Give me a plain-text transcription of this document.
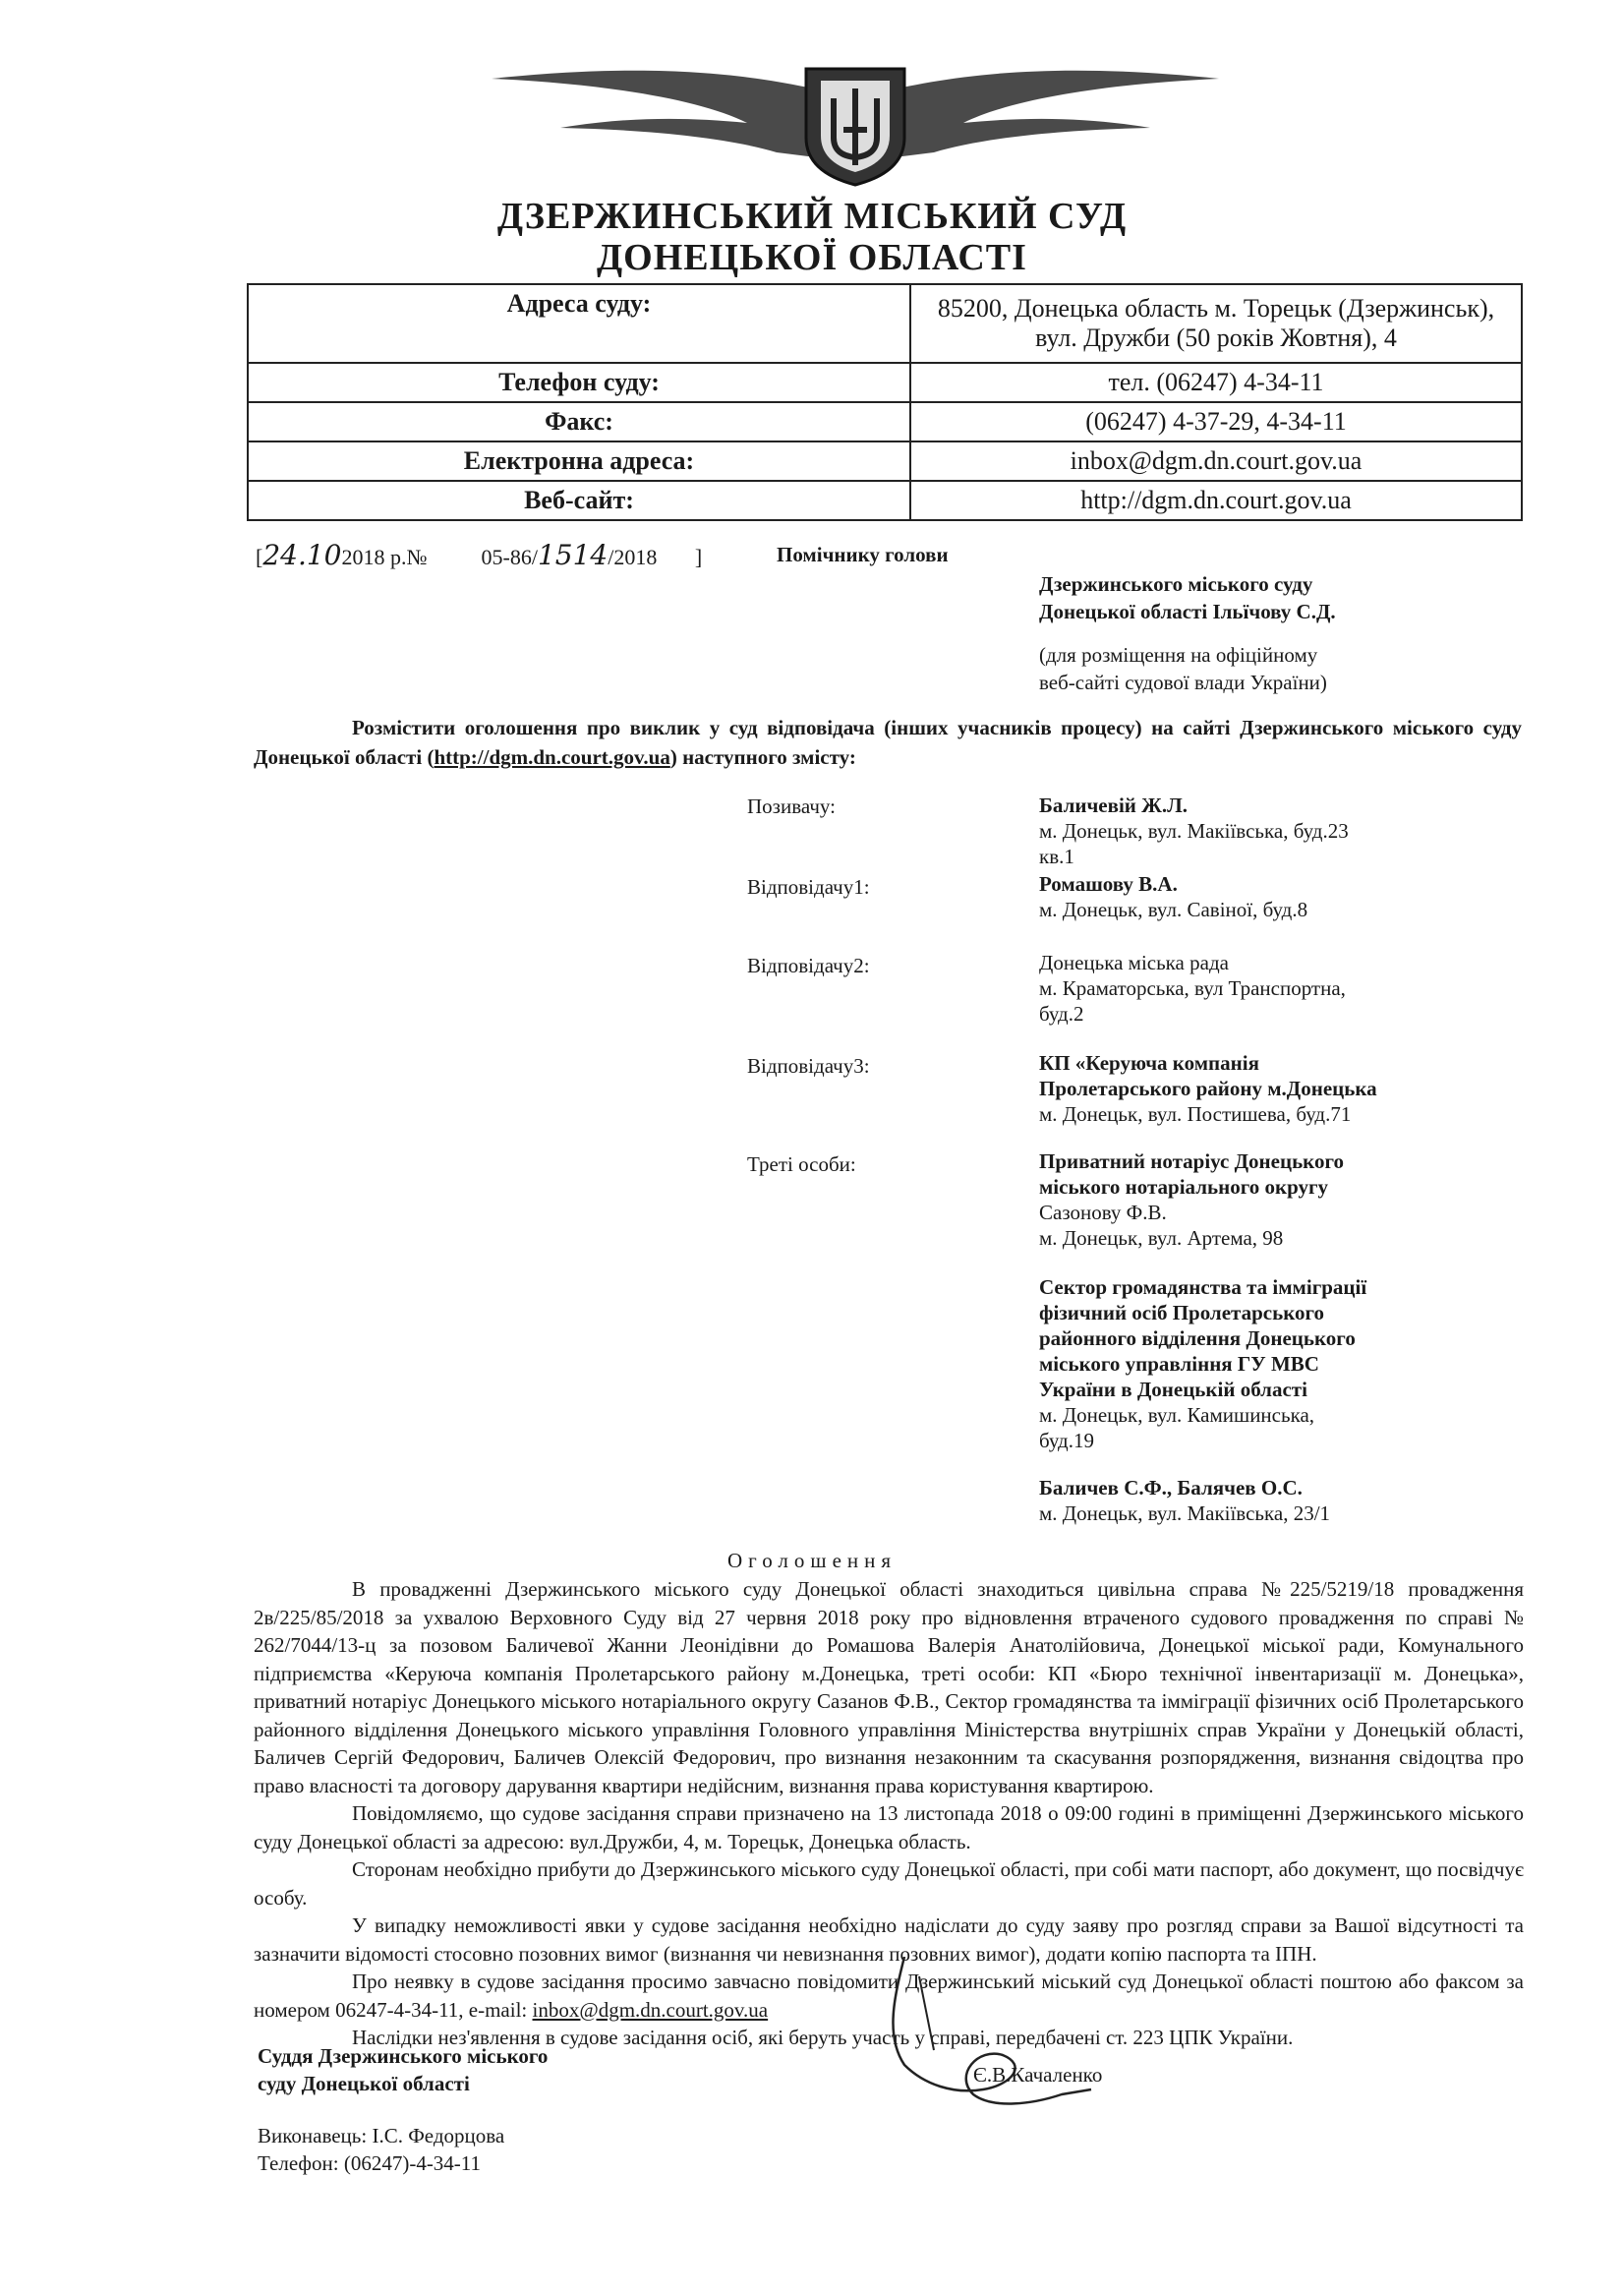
ДЗЕРЖИНСЬКИЙ МІСЬКИЙ СУД
ДОНЕЦЬКОЇ ОБЛАСТІ
Адреса суду:	85200, Донецька область м. Торецьк (Дзержинськ),
вул. Дружби (50 років Жовтня), 4

Телефон суду:	тел. (06247) 4-34-11
Факс:	(06247) 4-37-29, 4-34-11
Електронна адреса:	inbox@dgm.dn.court.gov.ua
Веб-сайт:	http://dgm.dn.court.gov.ua
[24.102018 р.№	05-86/1514/2018 ]	Помічнику голови
Дзержинського міського суду
Донецької області Ільїчову С.Д.
(для розміщення на офіційному
веб-сайті судової влади України)
Розмістити оголошення про виклик у суд відповідача (інших учасників процесу) на сайті Дзержинського міського суду Донецької області (http://dgm.dn.court.gov.ua) наступного змісту:
Позивачу:	Баличевій Ж.Л.
м. Донецьк, вул. Макіївська, буд.23
кв.1
Відповідачу1:	Ромашову В.А.
м. Донецьк, вул. Савіної, буд.8
Відповідачу2:	Донецька міська рада
м. Краматорська, вул Транспортна,
буд.2
Відповідачу3:	КП «Керуюча компанія
Пролетарського району м.Донецька
м. Донецьк, вул. Постишева, буд.71
Треті особи:	Приватний нотаріус Донецького
міського нотаріального округу
Сазонову Ф.В.
м. Донецьк, вул. Артема, 98
Сектор громадянства та імміграції
фізичний осіб Пролетарського
районного відділення Донецького
міського управління ГУ МВС
України в Донецькій області
м. Донецьк, вул. Камишинська,
буд.19
Баличев С.Ф., Балячев О.С.
м. Донецьк, вул. Макіївська, 23/1
Оголошення

В провадженні Дзержинського міського суду Донецької області знаходиться цивільна справа №225/5219/18 провадження 2в/225/85/2018 за ухвалою Верховного Суду від 27 червня 2018 року про відновлення втраченого судового провадження по справі № 262/7044/13-ц за позовом Баличевої Жанни Леонідівни до Ромашова Валерія Анатолійовича, Донецької міської ради, Комунального підприємства «Керуюча компанія Пролетарського району м.Донецька, треті особи: КП «Бюро технічної інвентаризації м. Донецька», приватний нотаріус Донецького міського нотаріального округу Сазанов Ф.В., Сектор громадянства та імміграції фізичних осіб Пролетарського районного відділення Донецького міського управління Головного управління Міністерства внутрішніх справ України у Донецькій області, Баличев Сергій Федорович, Баличев Олексій Федорович, про визнання незаконним та скасування розпорядження, визнання свідоцтва про право власності та договору дарування квартири недійсним, визнання права користування квартирою.

Повідомляємо, що судове засідання справи призначено на 13 листопада 2018 о 09:00 годині в приміщенні Дзержинського міського суду Донецької області за адресою: вул.Дружби, 4, м. Торецьк, Донецька область.

Сторонам необхідно прибути до Дзержинського міського суду Донецької області, при собі мати паспорт, або документ, що посвідчує особу.

У випадку неможливості явки у судове засідання необхідно надіслати до суду заяву про розгляд справи за Вашої відсутності та зазначити відомості стосовно позовних вимог (визнання чи невизнання позовних вимог), додати копію паспорта та ІПН.

Про неявку в судове засідання просимо завчасно повідомити Дзержинський міський суд Донецької області поштою або факсом за номером 06247-4-34-11, e-mail: inbox@dgm.dn.court.gov.ua

Наслідки нез'явлення в судове засідання осіб, які беруть участь у справі, передбачені ст. 223 ЦПК України.

Суддя Дзержинського міського
суду Донецької області	Є.В.Качаленко
Виконавець: І.С. Федорцова
Телефон: (06247)-4-34-11
